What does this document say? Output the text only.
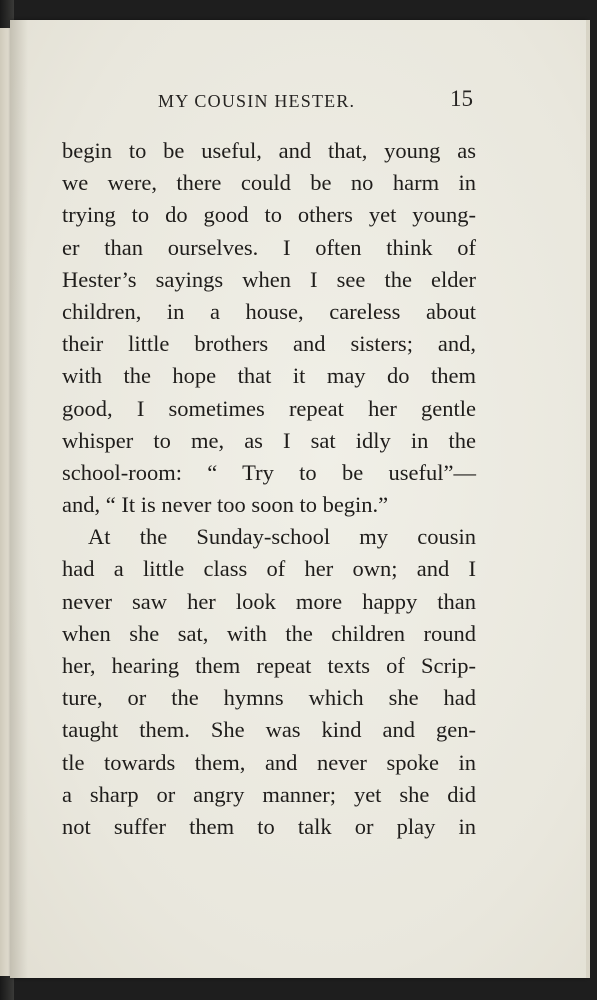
MY COUSIN HESTER.	15
begin to be useful, and that, young as
we were, there could be no harm in
trying to do good to others yet young-
er than ourselves. I often think of
Hester’s sayings when I see the elder
children, in a house, careless about
their little brothers and sisters; and,
with the hope that it may do them
good, I sometimes repeat her gentle
whisper to me, as I sat idly in the
school-room: “ Try to be useful”—
and, “ It is never too soon to begin.”
At the Sunday-school my cousin
had a little class of her own; and I
never saw her look more happy than
when she sat, with the children round
her, hearing them repeat texts of Scrip-
ture, or the hymns which she had
taught them. She was kind and gen-
tle towards them, and never spoke in
a sharp or angry manner; yet she did
not suffer them to talk or play in
